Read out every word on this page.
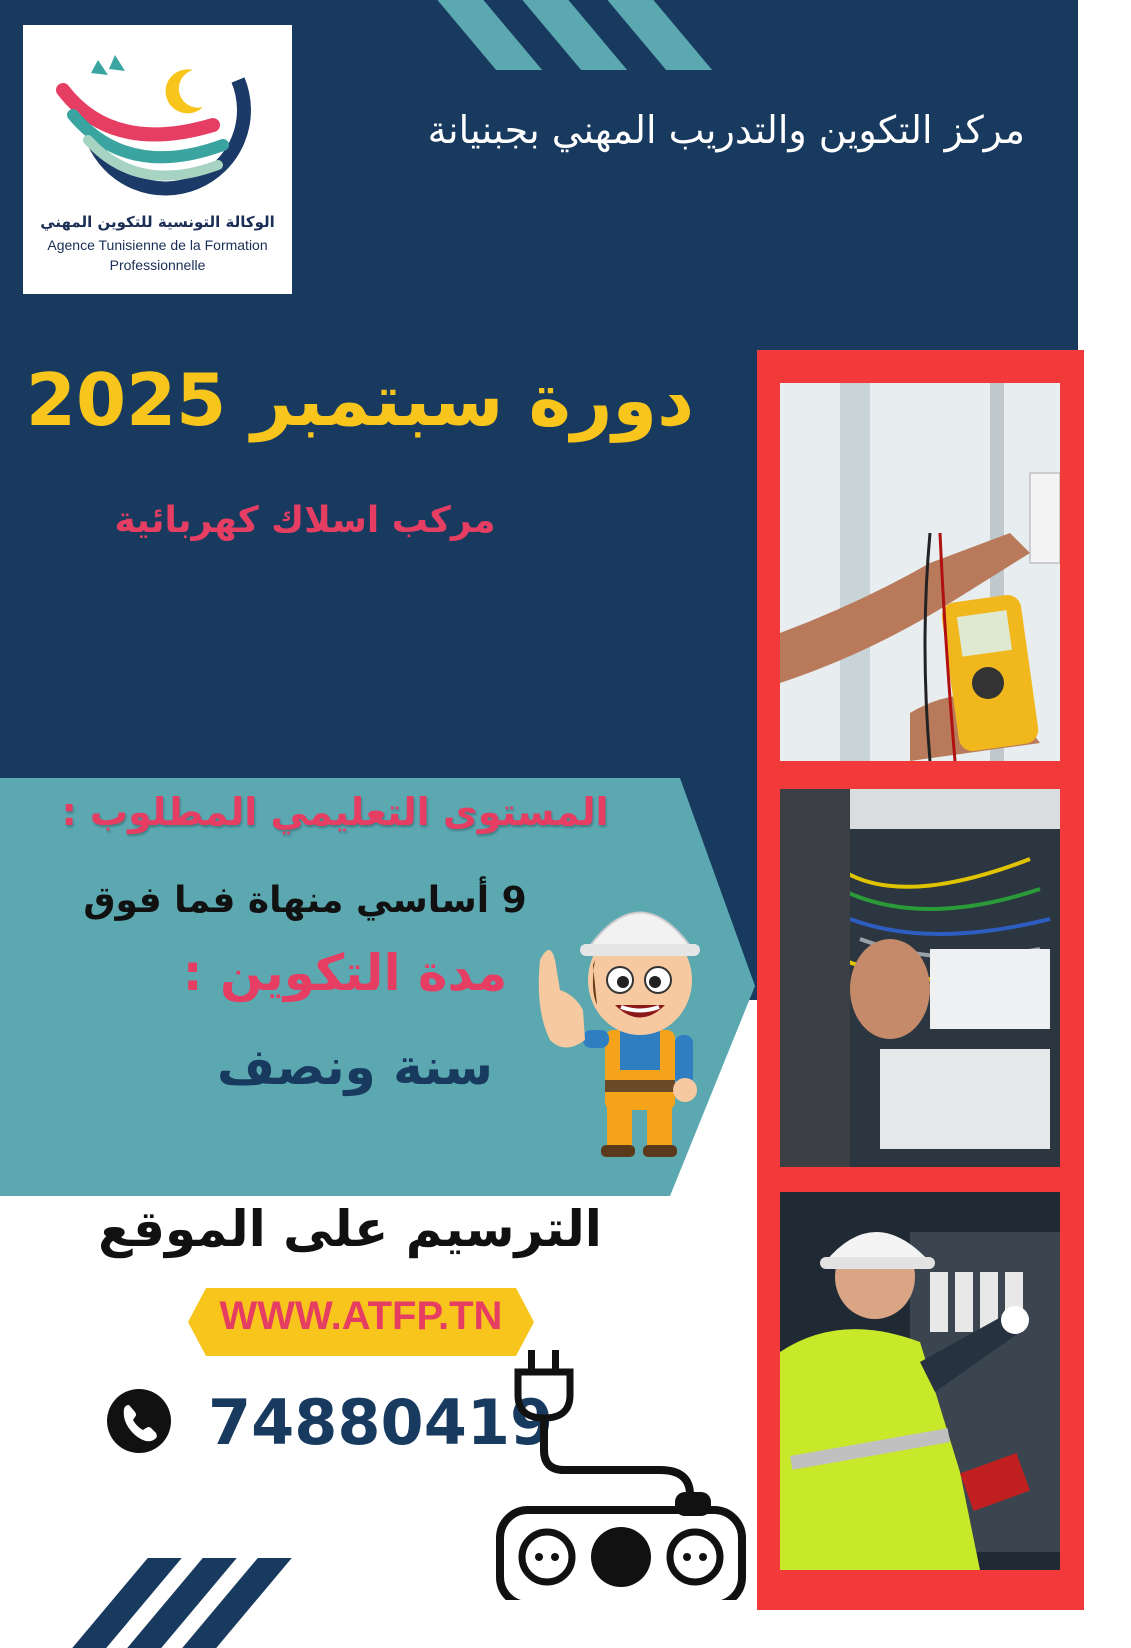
الوكالة التونسية للتكوين المهني
Agence Tunisienne de la Formation
Professionnelle
مركز التكوين والتدريب المهني بجبنيانة
دورة سبتمبر 2025
مركب اسلاك كهربائية
المستوى التعليمي المطلوب :
9 أساسي منهاة فما فوق
مدة التكوين :
سنة ونصف
الترسيم على الموقع
WWW.ATFP.TN
74880419
